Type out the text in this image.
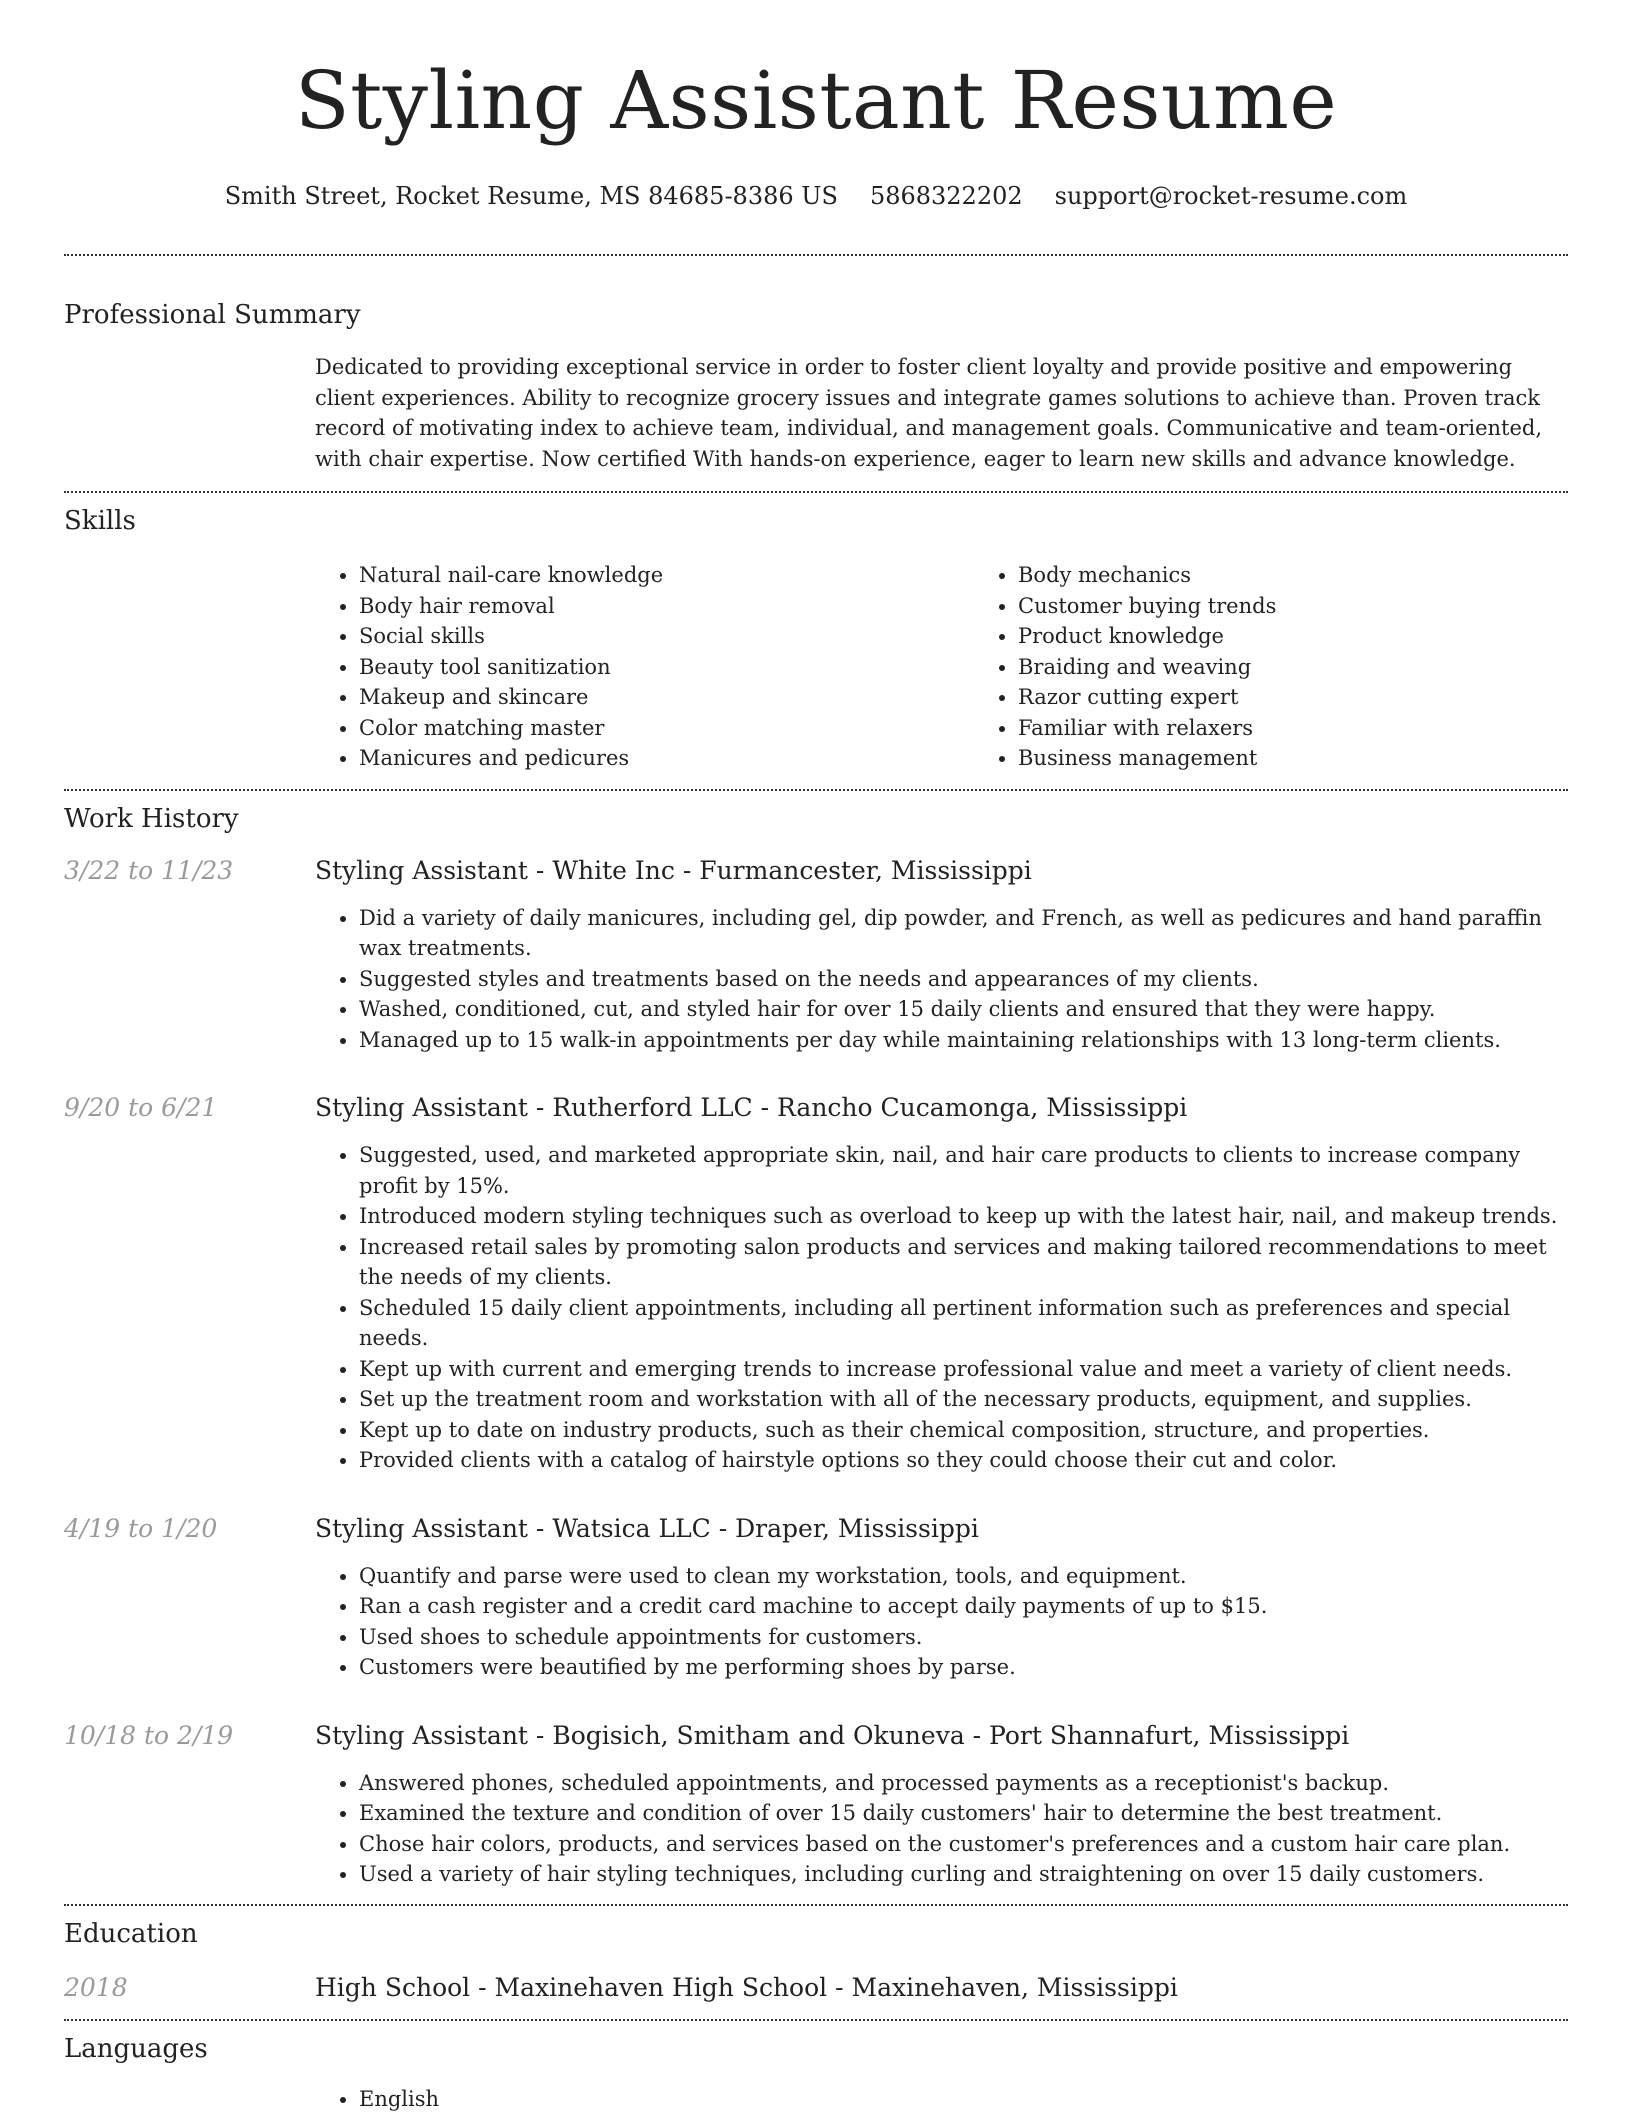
Styling Assistant Resume
Smith Street, Rocket Resume, MS 84685-8386 US 5868322202 support@rocket-resume.com
Professional Summary

Dedicated to providing exceptional service in order to foster client loyalty and provide positive and empowering client experiences. Ability to recognize grocery issues and integrate games solutions to achieve than. Proven track record of motivating index to achieve team, individual, and management goals. Communicative and team-oriented, with chair expertise. Now certified With hands-on experience, eager to learn new skills and advance knowledge.

Skills
• Natural nail-care knowledge
• Body hair removal
• Social skills
• Beauty tool sanitization
• Makeup and skincare
• Color matching master
• Manicures and pedicures
• Body mechanics
• Customer buying trends
• Product knowledge
• Braiding and weaving
• Razor cutting expert
• Familiar with relaxers
• Business management
Work History
3/22 to 11/23	Styling Assistant - White Inc - Furmancester, Mississippi
• Did a variety of daily manicures, including gel, dip powder, and French, as well as pedicures and hand paraffin wax treatments.
• Suggested styles and treatments based on the needs and appearances of my clients.
• Washed, conditioned, cut, and styled hair for over 15 daily clients and ensured that they were happy.
• Managed up to 15 walk-in appointments per day while maintaining relationships with 13 long-term clients.
9/20 to 6/21	Styling Assistant - Rutherford LLC - Rancho Cucamonga, Mississippi
• Suggested, used, and marketed appropriate skin, nail, and hair care products to clients to increase company profit by 15%.
• Introduced modern styling techniques such as overload to keep up with the latest hair, nail, and makeup trends.
• Increased retail sales by promoting salon products and services and making tailored recommendations to meet the needs of my clients.
• Scheduled 15 daily client appointments, including all pertinent information such as preferences and special needs.
• Kept up with current and emerging trends to increase professional value and meet a variety of client needs.
• Set up the treatment room and workstation with all of the necessary products, equipment, and supplies.
• Kept up to date on industry products, such as their chemical composition, structure, and properties.
• Provided clients with a catalog of hairstyle options so they could choose their cut and color.
4/19 to 1/20	Styling Assistant - Watsica LLC - Draper, Mississippi
• Quantify and parse were used to clean my workstation, tools, and equipment.
• Ran a cash register and a credit card machine to accept daily payments of up to $15.
• Used shoes to schedule appointments for customers.
• Customers were beautified by me performing shoes by parse.
10/18 to 2/19	Styling Assistant - Bogisich, Smitham and Okuneva - Port Shannafurt, Mississippi
• Answered phones, scheduled appointments, and processed payments as a receptionist's backup.
• Examined the texture and condition of over 15 daily customers' hair to determine the best treatment.
• Chose hair colors, products, and services based on the customer's preferences and a custom hair care plan.
• Used a variety of hair styling techniques, including curling and straightening on over 15 daily customers.
Education
2018	High School - Maxinehaven High School - Maxinehaven, Mississippi
Languages
• English
